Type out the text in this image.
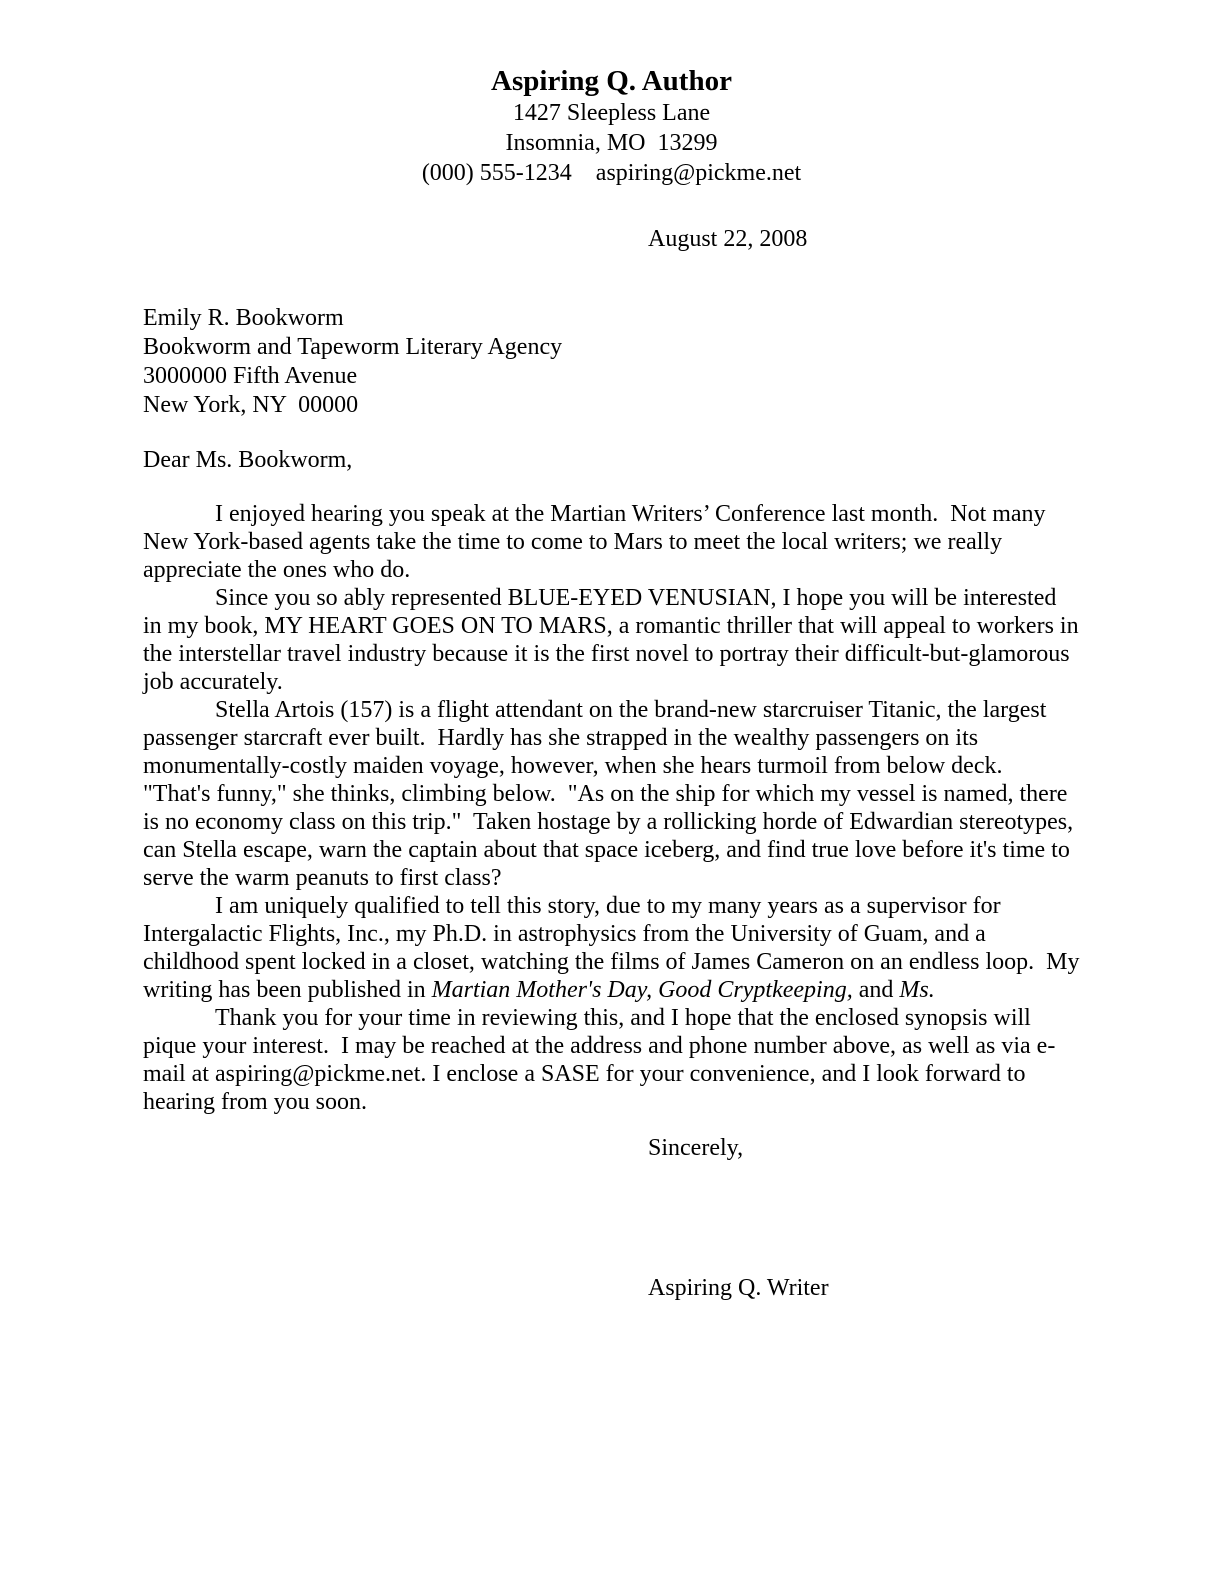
Aspiring Q. Author
1427 Sleepless Lane
Insomnia, MO  13299
(000) 555-1234    aspiring@pickme.net
August 22, 2008
Emily R. Bookworm
Bookworm and Tapeworm Literary Agency
3000000 Fifth Avenue
New York, NY  00000
Dear Ms. Bookworm,

I enjoyed hearing you speak at the Martian Writers’ Conference last month.  Not many New York-based agents take the time to come to Mars to meet the local writers; we really appreciate the ones who do.

Since you so ably represented BLUE-EYED VENUSIAN, I hope you will be interested in my book, MY HEART GOES ON TO MARS, a romantic thriller that will appeal to workers in the interstellar travel industry because it is the first novel to portray their difficult-but-glamorous job accurately.

Stella Artois (157) is a flight attendant on the brand-new starcruiser Titanic, the largest passenger starcraft ever built.  Hardly has she strapped in the wealthy passengers on its monumentally-costly maiden voyage, however, when she hears turmoil from below deck.  "That's funny," she thinks, climbing below.  "As on the ship for which my vessel is named, there is no economy class on this trip."  Taken hostage by a rollicking horde of Edwardian stereotypes, can Stella escape, warn the captain about that space iceberg, and find true love before it's time to serve the warm peanuts to first class?

I am uniquely qualified to tell this story, due to my many years as a supervisor for Intergalactic Flights, Inc., my Ph.D. in astrophysics from the University of Guam, and a childhood spent locked in a closet, watching the films of James Cameron on an endless loop.  My writing has been published in Martian Mother's Day, Good Cryptkeeping, and Ms.

Thank you for your time in reviewing this, and I hope that the enclosed synopsis will pique your interest.  I may be reached at the address and phone number above, as well as via e-mail at aspiring@pickme.net. I enclose a SASE for your convenience, and I look forward to hearing from you soon.

Sincerely,
Aspiring Q. Writer
